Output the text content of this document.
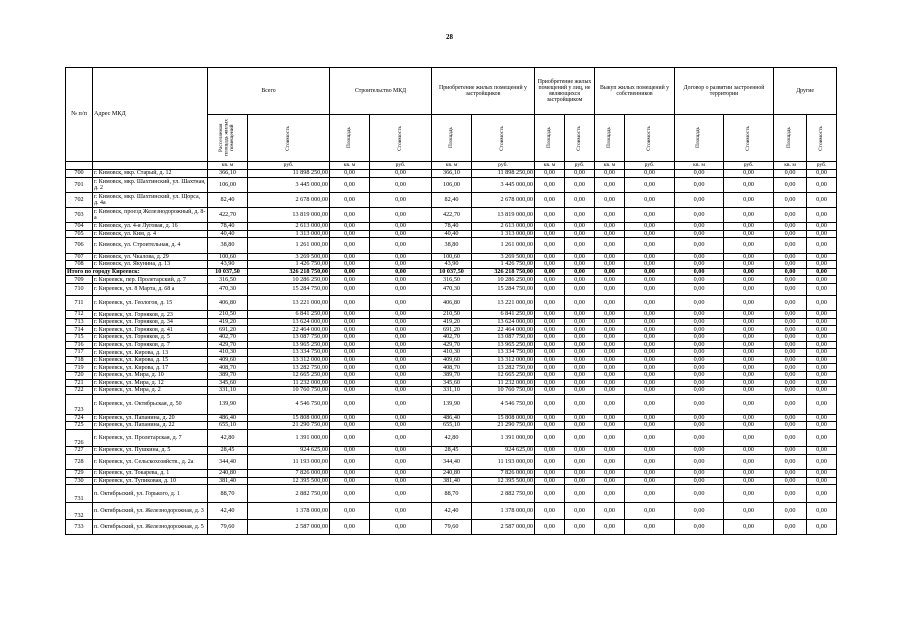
28
№ п/п	Адрес МКД	Всего		Строительство МКД		Приобретение жилых помещений у застройщиков		Приобретение жилых помещений у лиц, не являющихся застройщиком		Выкуп жилых помещений у собственников		Договор о развитии застроенной территории		Другие	

		Расселяемая площадь жилых помещений	Стоимость	Площадь	Стоимость	Площадь	Стоимость	Площадь	Стоимость	Площадь	Стоимость	Площадь	Стоимость	Площадь	Стоимость

		кв. м	руб.	кв. м	руб.	кв. м	руб.	кв. м	руб.	кв. м	руб.	кв. м	руб.	кв. м	руб.
700	г. Кимовск, мкр. Старый, д. 12	366,10	11 898 250,00	0,00	0,00	366,10	11 898 250,00	0,00	0,00	0,00	0,00	0,00	0,00	0,00	0,00
701	г. Кимовск, мкр. Шахтинский, ул. Шахтная, д. 2	106,00	3 445 000,00	0,00	0,00	106,00	3 445 000,00	0,00	0,00	0,00	0,00	0,00	0,00	0,00	0,00
702	г. Кимовск, мкр. Шахтинский, ул. Щорса, д. 4а	82,40	2 678 000,00	0,00	0,00	82,40	2 678 000,00	0,00	0,00	0,00	0,00	0,00	0,00	0,00	0,00
703	г. Кимовск, проезд Железнодорожный, д. 8-а	422,70	13 819 000,00	0,00	0,00	422,70	13 819 000,00	0,00	0,00	0,00	0,00	0,00	0,00	0,00	0,00
704	г. Кимовск, ул. 4-я Луговая, д. 16	78,40	2 613 000,00	0,00	0,00	78,40	2 613 000,00	0,00	0,00	0,00	0,00	0,00	0,00	0,00	0,00
705	г. Кимовск, ул. Ким, д. 4	40,40	1 313 000,00	0,00	0,00	40,40	1 313 000,00	0,00	0,00	0,00	0,00	0,00	0,00	0,00	0,00
706	г. Кимовск, ул. Строительная, д. 4	38,80	1 261 000,00	0,00	0,00	38,80	1 261 000,00	0,00	0,00	0,00	0,00	0,00	0,00	0,00	0,00
707	г. Кимовск, ул. Чкалова, д. 29	100,60	3 269 500,00	0,00	0,00	100,60	3 269 500,00	0,00	0,00	0,00	0,00	0,00	0,00	0,00	0,00
708	г. Кимовск, ул. Якунина, д. 13	43,90	1 426 750,00	0,00	0,00	43,90	1 426 750,00	0,00	0,00	0,00	0,00	0,00	0,00	0,00	0,00
Итого по городу Киреевск:		10 037,50	326 218 750,00	0,00	0,00	10 037,50	326 218 750,00	0,00	0,00	0,00	0,00	0,00	0,00	0,00	0,00
709	г. Киреевск, пер. Пролетарский, д. 7	316,50	10 286 250,00	0,00	0,00	316,50	10 286 250,00	0,00	0,00	0,00	0,00	0,00	0,00	0,00	0,00
710	г. Киреевск, ул. 8 Марта, д. 68 а	470,30	15 284 750,00	0,00	0,00	470,30	15 284 750,00	0,00	0,00	0,00	0,00	0,00	0,00	0,00	0,00
711	г. Киреевск, ул. Геологов, д. 15	406,80	13 221 000,00	0,00	0,00	406,80	13 221 000,00	0,00	0,00	0,00	0,00	0,00	0,00	0,00	0,00
712	г. Киреевск, ул. Горняков, д. 23	210,50	6 841 250,00	0,00	0,00	210,50	6 841 250,00	0,00	0,00	0,00	0,00	0,00	0,00	0,00	0,00
713	г. Киреевск, ул. Горняков, д. 34	419,20	13 624 000,00	0,00	0,00	419,20	13 624 000,00	0,00	0,00	0,00	0,00	0,00	0,00	0,00	0,00
714	г. Киреевск, ул. Горняков, д. 41	691,20	22 464 000,00	0,00	0,00	691,20	22 464 000,00	0,00	0,00	0,00	0,00	0,00	0,00	0,00	0,00
715	г. Киреевск, ул. Горняков, д. 5	402,70	13 087 750,00	0,00	0,00	402,70	13 087 750,00	0,00	0,00	0,00	0,00	0,00	0,00	0,00	0,00
716	г. Киреевск, ул. Горняков, д. 7	429,70	13 965 250,00	0,00	0,00	429,70	13 965 250,00	0,00	0,00	0,00	0,00	0,00	0,00	0,00	0,00
717	г. Киреевск, ул. Кирова, д. 13	410,30	13 334 750,00	0,00	0,00	410,30	13 334 750,00	0,00	0,00	0,00	0,00	0,00	0,00	0,00	0,00
718	г. Киреевск, ул. Кирова, д. 15	409,60	13 312 000,00	0,00	0,00	409,60	13 312 000,00	0,00	0,00	0,00	0,00	0,00	0,00	0,00	0,00
719	г. Киреевск, ул. Кирова, д. 17	408,70	13 282 750,00	0,00	0,00	408,70	13 282 750,00	0,00	0,00	0,00	0,00	0,00	0,00	0,00	0,00
720	г. Киреевск, ул. Мира, д. 10	389,70	12 665 250,00	0,00	0,00	389,70	12 665 250,00	0,00	0,00	0,00	0,00	0,00	0,00	0,00	0,00
721	г. Киреевск, ул. Мира, д. 12	345,60	11 232 000,00	0,00	0,00	345,60	11 232 000,00	0,00	0,00	0,00	0,00	0,00	0,00	0,00	0,00
722	г. Киреевск, ул. Мира, д. 2	331,10	10 760 750,00	0,00	0,00	331,10	10 760 750,00	0,00	0,00	0,00	0,00	0,00	0,00	0,00	0,00
723	г. Киреевск, ул. Октябрьская, д. 50	139,90	4 546 750,00	0,00	0,00	139,90	4 546 750,00	0,00	0,00	0,00	0,00	0,00	0,00	0,00	0,00
724	г. Киреевск, ул. Папанина, д. 20	486,40	15 808 000,00	0,00	0,00	486,40	15 808 000,00	0,00	0,00	0,00	0,00	0,00	0,00	0,00	0,00
725	г. Киреевск, ул. Папанина, д. 22	655,10	21 290 750,00	0,00	0,00	655,10	21 290 750,00	0,00	0,00	0,00	0,00	0,00	0,00	0,00	0,00
726	г. Киреевск, ул. Пролетарская, д. 7	42,80	1 391 000,00	0,00	0,00	42,80	1 391 000,00	0,00	0,00	0,00	0,00	0,00	0,00	0,00	0,00
727	г. Киреевск, ул. Пушкина, д. 5	28,45	924 625,00	0,00	0,00	28,45	924 625,00	0,00	0,00	0,00	0,00	0,00	0,00	0,00	0,00
728	г. Киреевск, ул. Сельскохозяйств., д. 2а	344,40	11 193 000,00	0,00	0,00	344,40	11 193 000,00	0,00	0,00	0,00	0,00	0,00	0,00	0,00	0,00
729	г. Киреевск, ул. Токарева, д. 1	240,80	7 826 000,00	0,00	0,00	240,80	7 826 000,00	0,00	0,00	0,00	0,00	0,00	0,00	0,00	0,00
730	г. Киреевск, ул. Тупиковая, д. 10	381,40	12 395 500,00	0,00	0,00	381,40	12 395 500,00	0,00	0,00	0,00	0,00	0,00	0,00	0,00	0,00
731	п. Октябрьский, ул. Горького, д. 1	88,70	2 882 750,00	0,00	0,00	88,70	2 882 750,00	0,00	0,00	0,00	0,00	0,00	0,00	0,00	0,00
732	п. Октябрьский, ул. Железнодорожная, д. 3	42,40	1 378 000,00	0,00	0,00	42,40	1 378 000,00	0,00	0,00	0,00	0,00	0,00	0,00	0,00	0,00
733	п. Октябрьский, ул. Железнодорожная, д. 5	79,60	2 587 000,00	0,00	0,00	79,60	2 587 000,00	0,00	0,00	0,00	0,00	0,00	0,00	0,00	0,00
